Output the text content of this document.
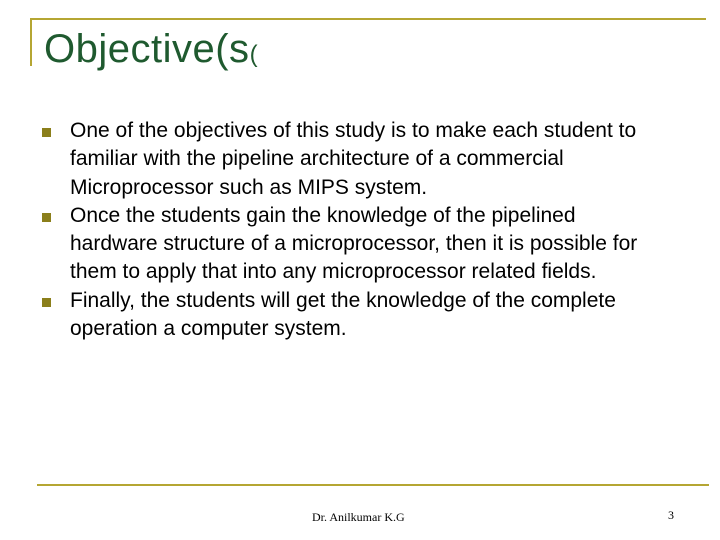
Objective(s(
One of the objectives of this study is to make each student to familiar with the pipeline architecture of a commercial Microprocessor such as MIPS system.
Once the students gain the knowledge of the pipelined hardware structure of a microprocessor, then it is possible for them to apply that into any microprocessor related fields.
Finally, the students will get the knowledge of the complete operation a computer system.
Dr. Anilkumar K.G	3
